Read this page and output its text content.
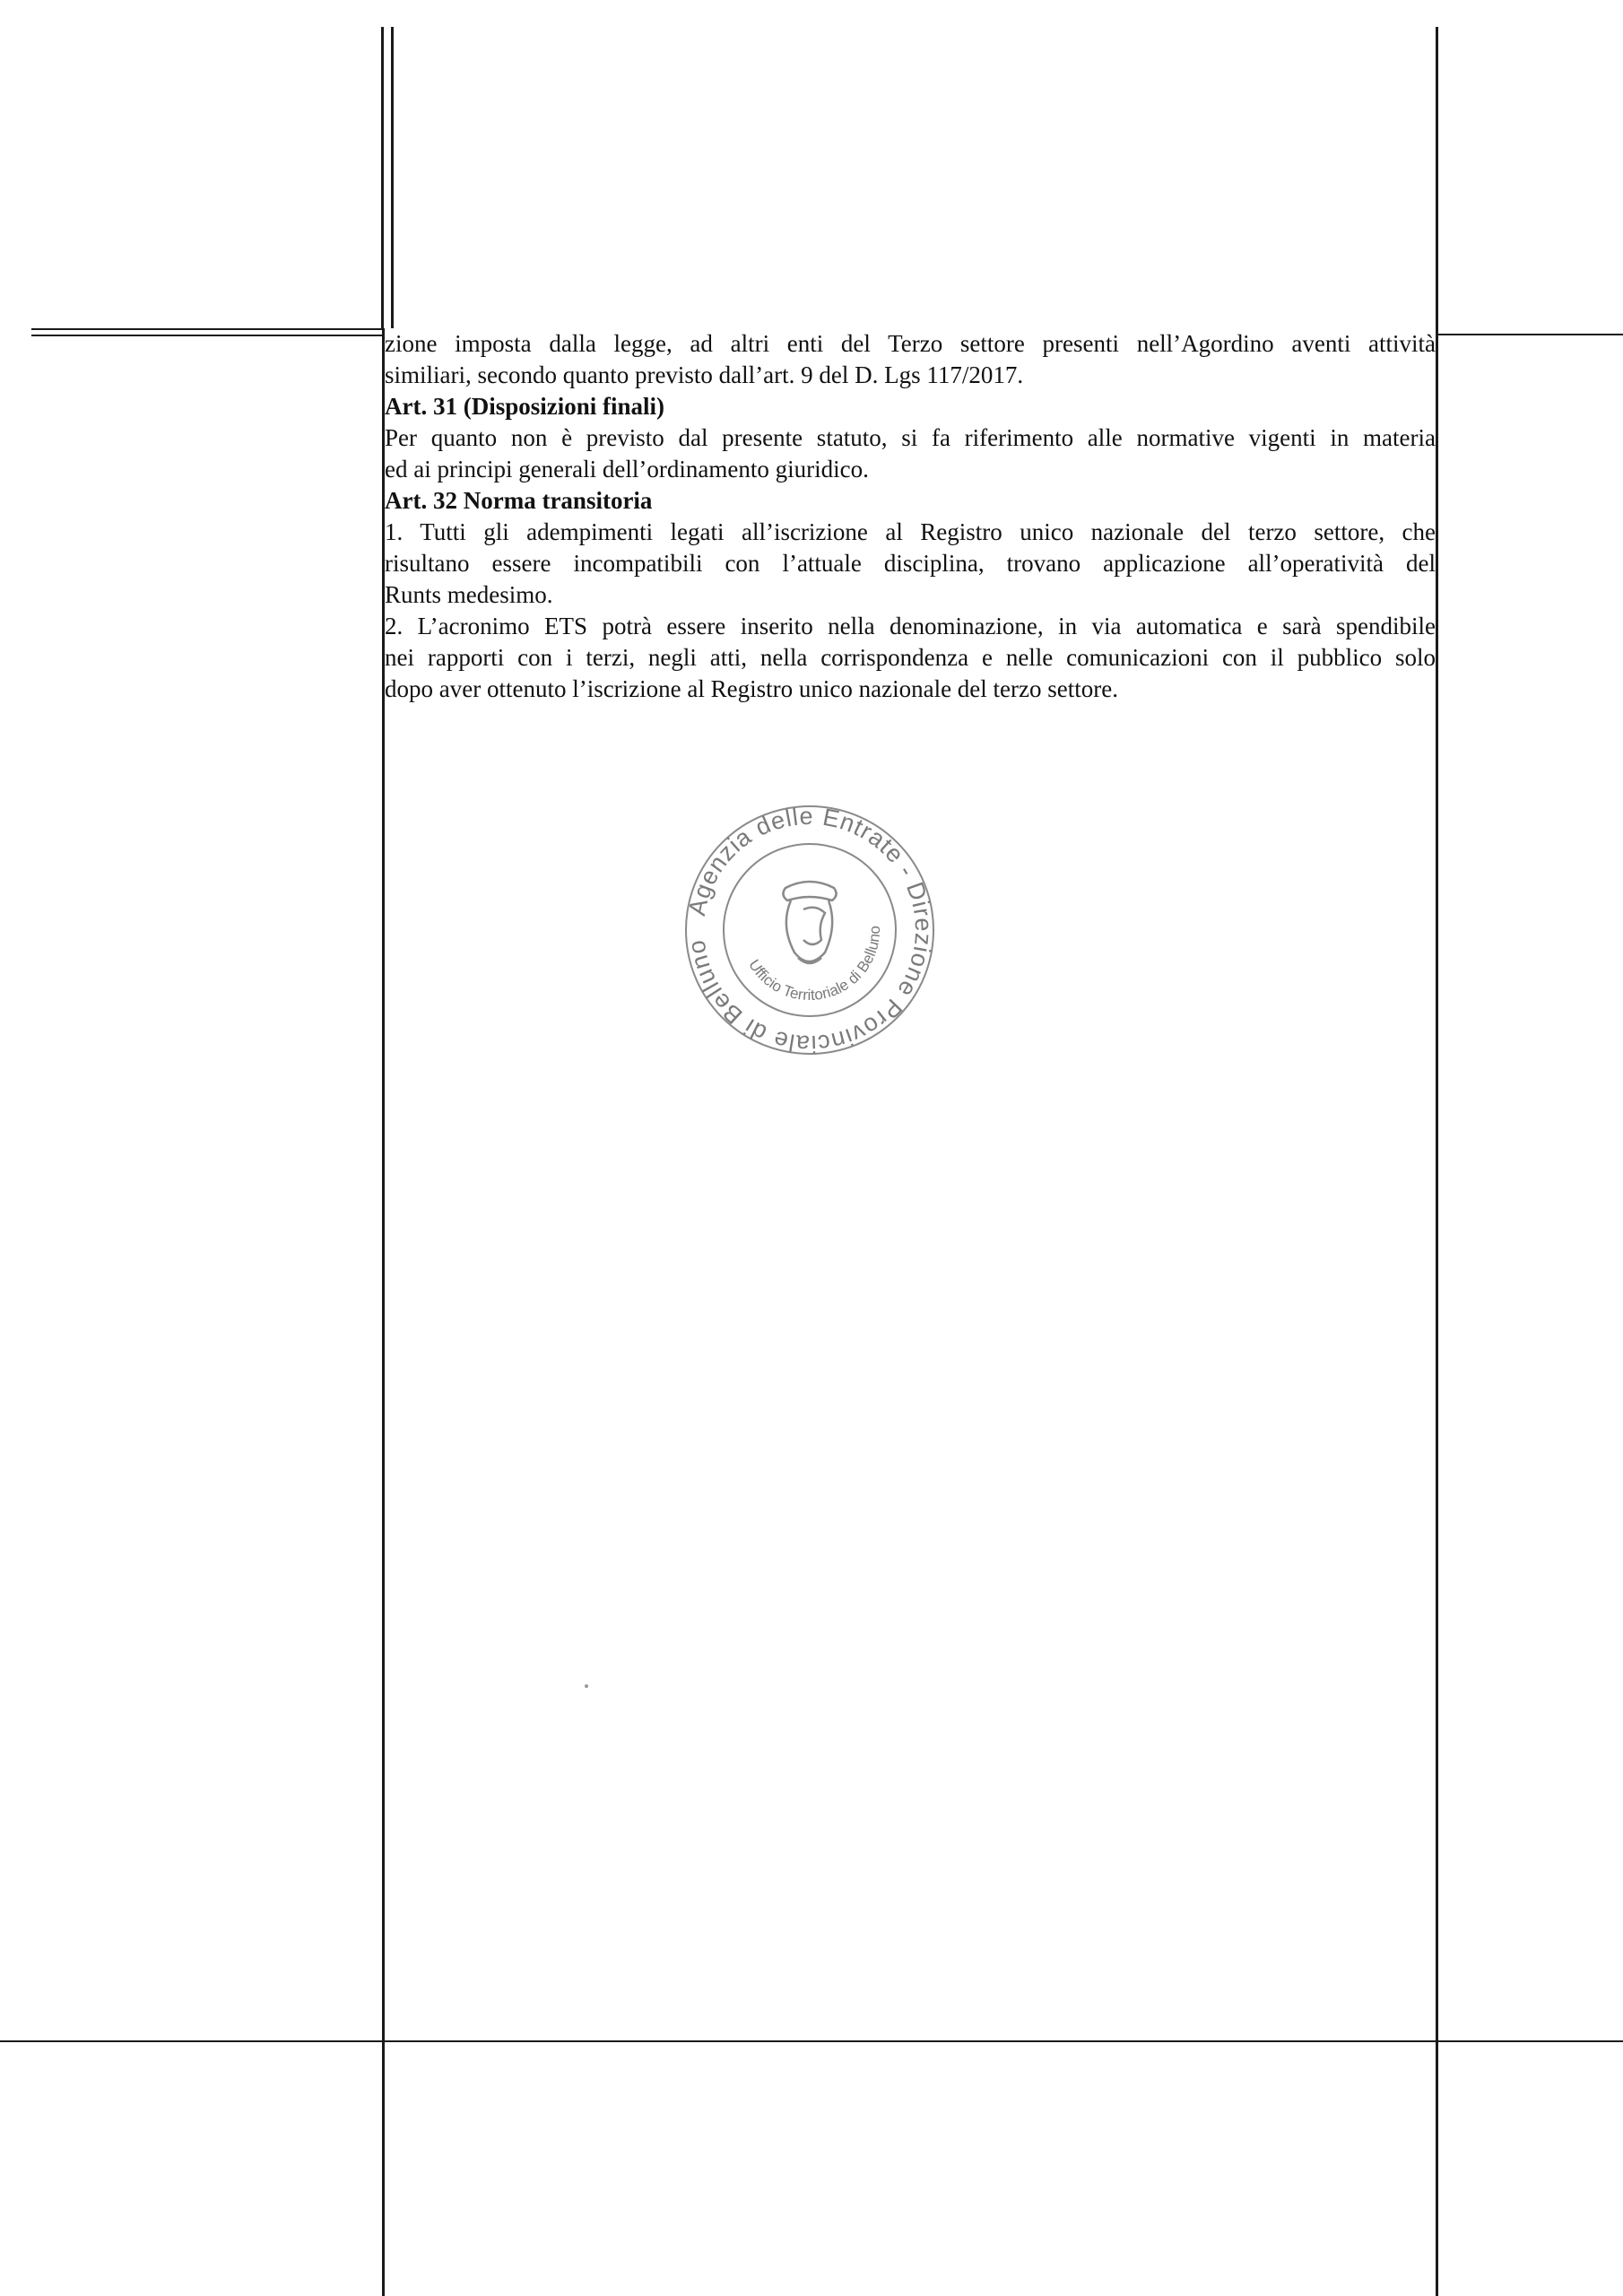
zione imposta dalla legge, ad altri enti del Terzo settore presenti nell’Agordino aventi attività

similiari, secondo quanto previsto dall’art. 9 del D. Lgs 117/2017.

Art. 31 (Disposizioni finali)

Per quanto non è previsto dal presente statuto, si fa riferimento alle normative vigenti in materia

ed ai principi generali dell’ordinamento giuridico.

Art. 32 Norma transitoria

1. Tutti gli adempimenti legati all’iscrizione al Registro unico nazionale del terzo settore, che

risultano essere incompatibili con l’attuale disciplina, trovano applicazione all’operatività del

Runts medesimo.

2. L’acronimo ETS potrà essere inserito nella denominazione, in via automatica e sarà spendibile

nei rapporti con i terzi, negli atti, nella corrispondenza e nelle comunicazioni con il pubblico solo

dopo aver ottenuto l’iscrizione al Registro unico nazionale del terzo settore.

Agenzia delle Entrate - Direzione Provinciale di Belluno
Ufficio Territoriale di Belluno
